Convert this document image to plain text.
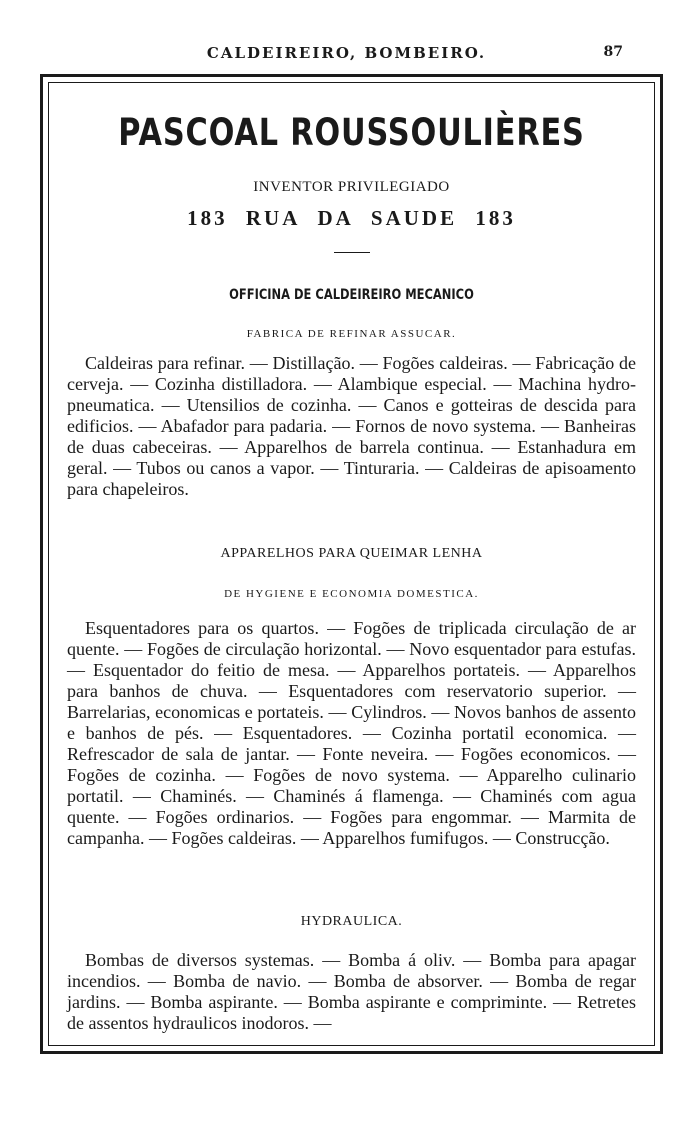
CALDEIREIRO, BOMBEIRO.	87
PASCOAL ROUSSOULIÈRES
INVENTOR PRIVILEGIADO
183 RUA DA SAUDE 183
OFFICINA DE CALDEIREIRO MECANICO
FABRICA DE REFINAR ASSUCAR.
Caldeiras para refinar. — Distillação. — Fogões caldeiras. — Fabricação de cerveja. — Cozinha distilladora. — Alambique especial. — Machina hydro-pneumatica. — Utensilios de cozinha. — Canos e gotteiras de descida para edificios. — Abafador para padaria. — Fornos de novo systema. — Banheiras de duas cabeceiras. — Apparelhos de barrela continua. — Estanhadura em geral. — Tubos ou canos a vapor. — Tinturaria. — Caldeiras de apisoamento para chapeleiros.
APPARELHOS PARA QUEIMAR LENHA
DE HYGIENE E ECONOMIA DOMESTICA.
Esquentadores para os quartos. — Fogões de triplicada circulação de ar quente. — Fogões de circulação horizontal. — Novo esquentador para estufas. — Esquentador do feitio de mesa. — Apparelhos portateis. — Apparelhos para banhos de chuva. — Esquentadores com reservatorio superior. — Barrelarias, economicas e portateis. — Cylindros. — Novos banhos de assento e banhos de pés. — Esquentadores. — Cozinha portatil economica. — Refrescador de sala de jantar. — Fonte neveira. — Fogões economicos. — Fogões de cozinha. — Fogões de novo systema. — Apparelho culinario portatil. — Chaminés. — Chaminés á flamenga. — Chaminés com agua quente. — Fogões ordinarios. — Fogões para engommar. — Marmita de campanha. — Fogões caldeiras. — Apparelhos fumifugos. — Construcção.
HYDRAULICA.
Bombas de diversos systemas. — Bomba á oliv. — Bomba para apagar incendios. — Bomba de navio. — Bomba de absorver. — Bomba de regar jardins. — Bomba aspirante. — Bomba aspirante e compriminte. — Retretes de assentos hydraulicos inodoros. —
